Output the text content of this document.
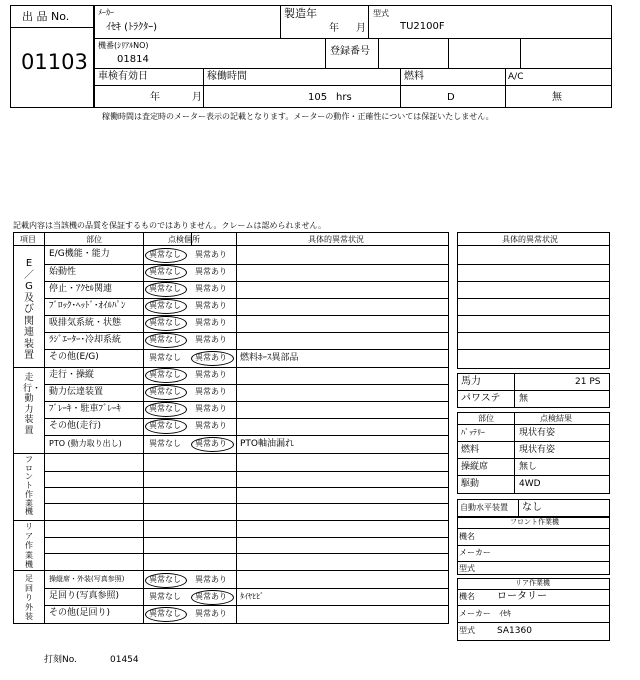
出 品 No.
01103
ﾒｰｶｰ
ｲｾｷ (ﾄﾗｸﾀｰ)
製造年
年 月
型式
TU2100F
機番(ｼﾘｱﾙNO)
01814
登録番号
車検有効日
年	月
稼働時間
105 hrs
燃料
D
A/C
無
稼働時間は査定時のメーター表示の記載となります。メーターの動作・正確性については保証いたしません。
記載内容は当該機の品質を保証するものではありません。クレームは認められません。
項目	部位	点検個所	具体的異常状況
E／G及び関連装置
走行・動力装置
フロント作業機
リア作業機
足回り外装
E/G機能・能力	異常なし 異常あり
始動性	異常なし 異常あり
停止・ｱｸｾﾙ関連	異常なし 異常あり
ﾌﾞﾛｯｸ･ﾍｯﾄﾞ･ｵｲﾙﾊﾟﾝ	異常なし 異常あり
吸排気系統・状態	異常なし 異常あり
ﾗｼﾞｴｰﾀｰ･冷却系統	異常なし 異常あり
その他(E/G)	異常なし 異常あり 燃料ﾎｰｽ異部品
走行・操縦	異常なし 異常あり
動力伝達装置	異常なし 異常あり
ﾌﾞﾚｰｷ・駐車ﾌﾞﾚｰｷ	異常なし 異常あり
その他(走行)	異常なし 異常あり
PTO (動力取り出し)	異常なし 異常あり PTO軸油漏れ
操縦席・外装(写真参照)	異常なし 異常あり
足回り(写真参照)	異常なし 異常あり ﾀｲﾔﾋﾋﾞ
その他(足回り)	異常なし 異常あり
具体的異常状況
馬力	21 PS
パワステ 無
部位	点検結果
ﾊﾞｯﾃﾘｰ	現状有姿
燃料	現状有姿
操縦席	無し
駆動	4WD
自動水平装置 なし
フロント作業機
機名
メーカー
型式
リア作業機
機名 ロータリー
メーカー ｲｾｷ
型式 SA1360
打刻No.	01454
